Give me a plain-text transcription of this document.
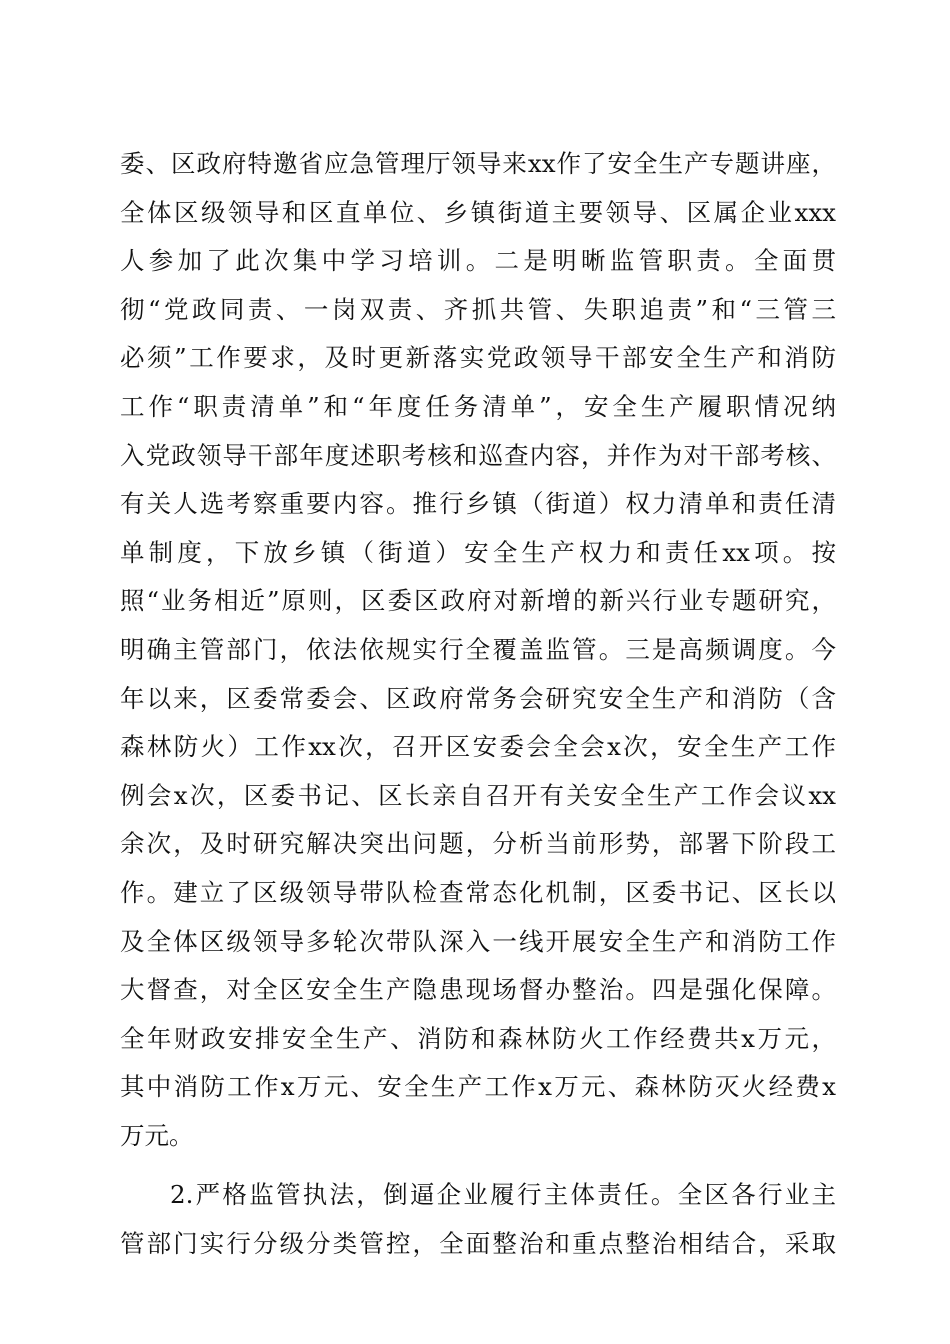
委、区政府特邀省应急管理厅领导来xx作了安全生产专题讲座，
全体区级领导和区直单位、乡镇街道主要领导、区属企业xxx
人参加了此次集中学习培训。二是明晰监管职责。全面贯
彻“党政同责、一岗双责、齐抓共管、失职追责”和“三管三
必须”工作要求，及时更新落实党政领导干部安全生产和消防
工作“职责清单”和“年度任务清单”，安全生产履职情况纳
入党政领导干部年度述职考核和巡查内容，并作为对干部考核、
有关人选考察重要内容。推行乡镇（街道）权力清单和责任清
单制度，下放乡镇（街道）安全生产权力和责任xx项。按
照“业务相近”原则，区委区政府对新增的新兴行业专题研究，
明确主管部门，依法依规实行全覆盖监管。三是高频调度。今
年以来，区委常委会、区政府常务会研究安全生产和消防（含
森林防火）工作xx次，召开区安委会全会x次，安全生产工作
例会x次，区委书记、区长亲自召开有关安全生产工作会议xx
余次，及时研究解决突出问题，分析当前形势，部署下阶段工
作。建立了区级领导带队检查常态化机制，区委书记、区长以
及全体区级领导多轮次带队深入一线开展安全生产和消防工作
大督查，对全区安全生产隐患现场督办整治。四是强化保障。
全年财政安排安全生产、消防和森林防火工作经费共x万元，
其中消防工作x万元、安全生产工作x万元、森林防灭火经费x
万元。
2.严格监管执法，倒逼企业履行主体责任。全区各行业主
管部门实行分级分类管控，全面整治和重点整治相结合，采取
